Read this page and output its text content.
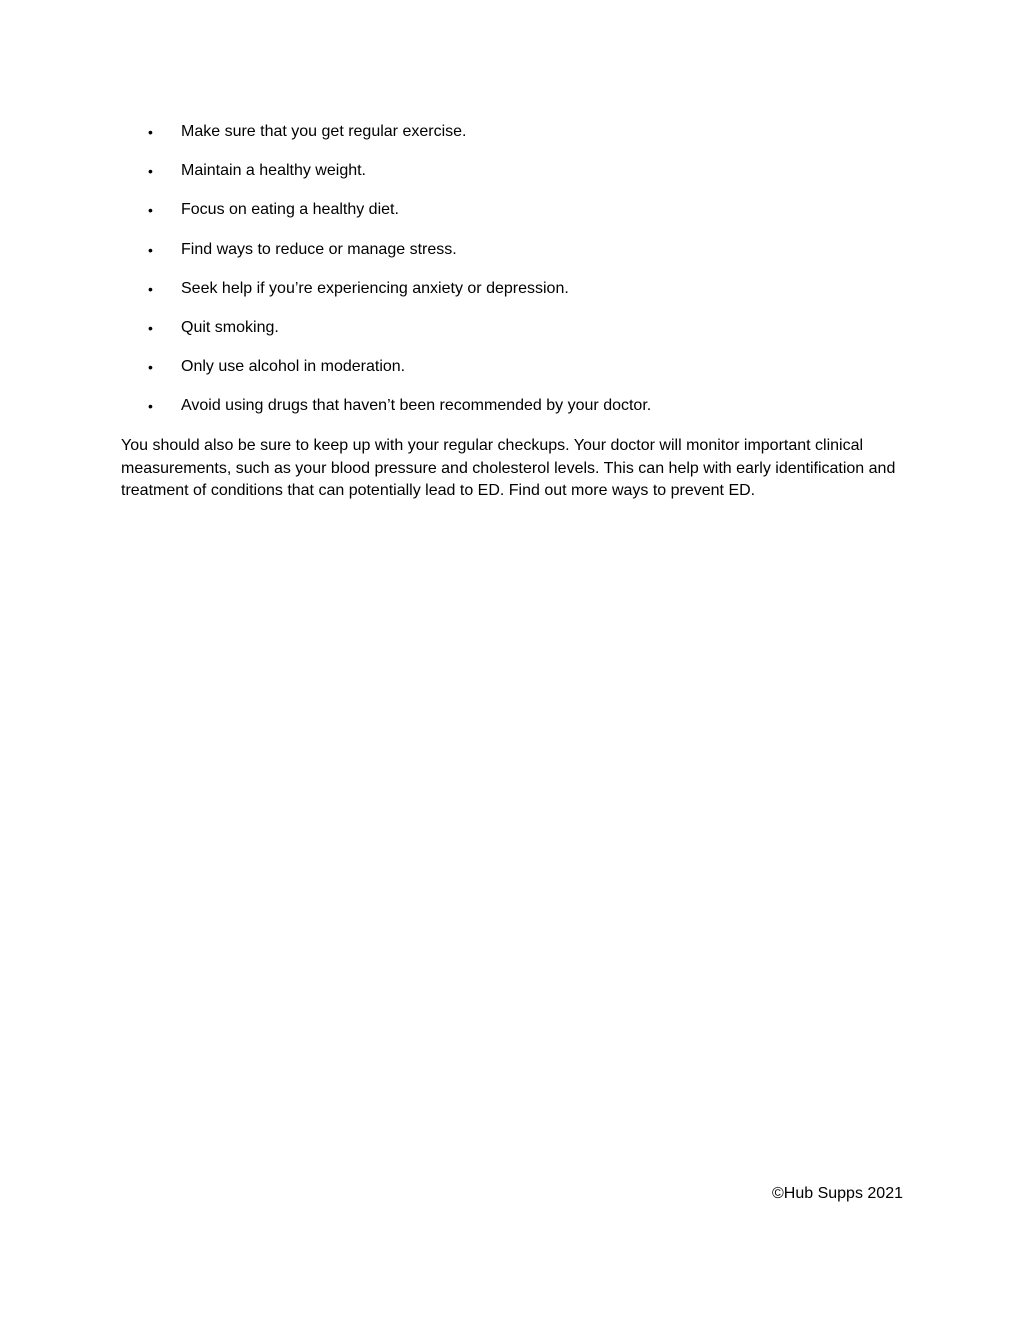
• Make sure that you get regular exercise.
• Maintain a healthy weight.
• Focus on eating a healthy diet.
• Find ways to reduce or manage stress.
• Seek help if you’re experiencing anxiety or depression.
• Quit smoking.
• Only use alcohol in moderation.
• Avoid using drugs that haven’t been recommended by your doctor.

You should also be sure to keep up with your regular checkups. Your doctor will monitor important clinical measurements, such as your blood pressure and cholesterol levels. This can help with early identification and treatment of conditions that can potentially lead to ED. Find out more ways to prevent ED.

©Hub Supps 2021
